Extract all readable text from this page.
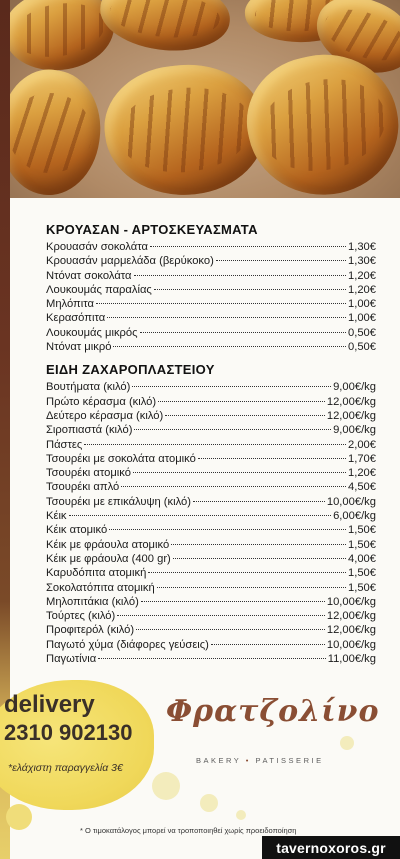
ΚΡΟΥΑΣΑΝ - ΑΡΤΟΣΚΕΥΑΣΜΑΤΑ
Κρουασάν σοκολάτα	1,30€
Κρουασάν μαρμελάδα (βερύκοκο)	1,30€
Ντόνατ σοκολάτα	1,20€
Λουκουμάς παραλίας	1,20€
Μηλόπιτα	1,00€
Κερασόπιτα	1,00€
Λουκουμάς μικρός	0,50€
Ντόνατ μικρό	0,50€
ΕΙΔΗ ΖΑΧΑΡΟΠΛΑΣΤΕΙΟΥ
Βουτήματα (κιλό)	9,00€/kg
Πρώτο κέρασμα (κιλό)	12,00€/kg
Δεύτερο κέρασμα (κιλό)	12,00€/kg
Σιροπιαστά (κιλό)	9,00€/kg
Πάστες	2,00€
Τσουρέκι με σοκολάτα ατομικό	1,70€
Τσουρέκι ατομικό	1,20€
Τσουρέκι απλό	4,50€
Τσουρέκι με επικάλυψη (κιλό)	10,00€/kg
Κέικ	6,00€/kg
Κέικ ατομικό	1,50€
Κέικ με φράουλα ατομικό	1,50€
Κέικ με φράουλα (400 gr)	4,00€
Καρυδόπιτα ατομική	1,50€
Σοκολατόπιτα ατομική	1,50€
Μηλοπιτάκια (κιλό)	10,00€/kg
Τούρτες (κιλό)	12,00€/kg
Προφιτερόλ (κιλό)	12,00€/kg
Παγωτό χύμα (διάφορες γεύσεις)	10,00€/kg
Παγωτίνια	11,00€/kg
delivery
2310 902130
*ελάχιστη παραγγελία 3€
Φρατζολίνο
BAKERY • PATISSERIE
* Ο τιμοκατάλογος μπορεί να τροποποιηθεί χωρίς προειδοποίηση
tavernoxoros.gr
